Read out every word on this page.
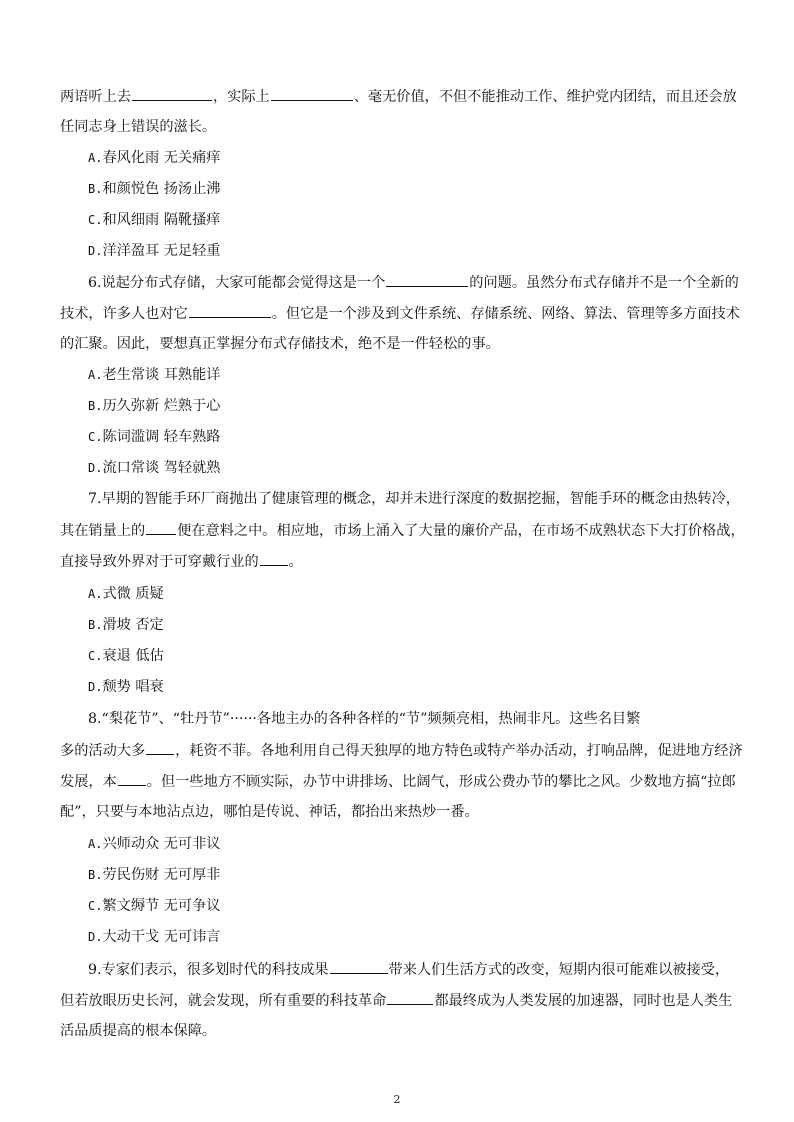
两语听上去	，实际上	、毫无价值，不但不能推动工作、维护党内团结，而且还会放
任同志身上错误的滋长。
A.春风化雨 无关痛痒
B.和颜悦色 扬汤止沸
C.和风细雨 隔靴搔痒
D.洋洋盈耳 无足轻重
6.说起分布式存储，大家可能都会觉得这是一个	的问题。虽然分布式存储并不是一个全新的
技术，许多人也对它	。但它是一个涉及到文件系统、存储系统、网络、算法、管理等多方面技术
的汇聚。因此，要想真正掌握分布式存储技术，绝不是一件轻松的事。
A.老生常谈 耳熟能详
B.历久弥新 烂熟于心
C.陈词滥调 轻车熟路
D.流口常谈 驾轻就熟
7.早期的智能手环厂商抛出了健康管理的概念，却并未进行深度的数据挖掘，智能手环的概念由热转冷，
其在销量上的 便在意料之中。相应地，市场上涌入了大量的廉价产品，在市场不成熟状态下大打价格战，
直接导致外界对于可穿戴行业的 。
A.式微 质疑
B.滑坡 否定
C.衰退 低估
D.颓势 唱衰
8.“梨花节”、“牡丹节”······各地主办的各种各样的“节”频频亮相，热闹非凡。这些名目繁
多的活动大多 ，耗资不菲。各地利用自己得天独厚的地方特色或特产举办活动，打响品牌，促进地方经济
发展，本 。但一些地方不顾实际，办节中讲排场、比阔气，形成公费办节的攀比之风。少数地方搞“拉郎
配”，只要与本地沾点边，哪怕是传说、神话，都抬出来热炒一番。
A.兴师动众 无可非议
B.劳民伤财 无可厚非
C.繁文缛节 无可争议
D.大动干戈 无可讳言
9.专家们表示，很多划时代的科技成果	带来人们生活方式的改变，短期内很可能难以被接受，
但若放眼历史长河，就会发现，所有重要的科技革命	都最终成为人类发展的加速器，同时也是人类生
活品质提高的根本保障。
2
